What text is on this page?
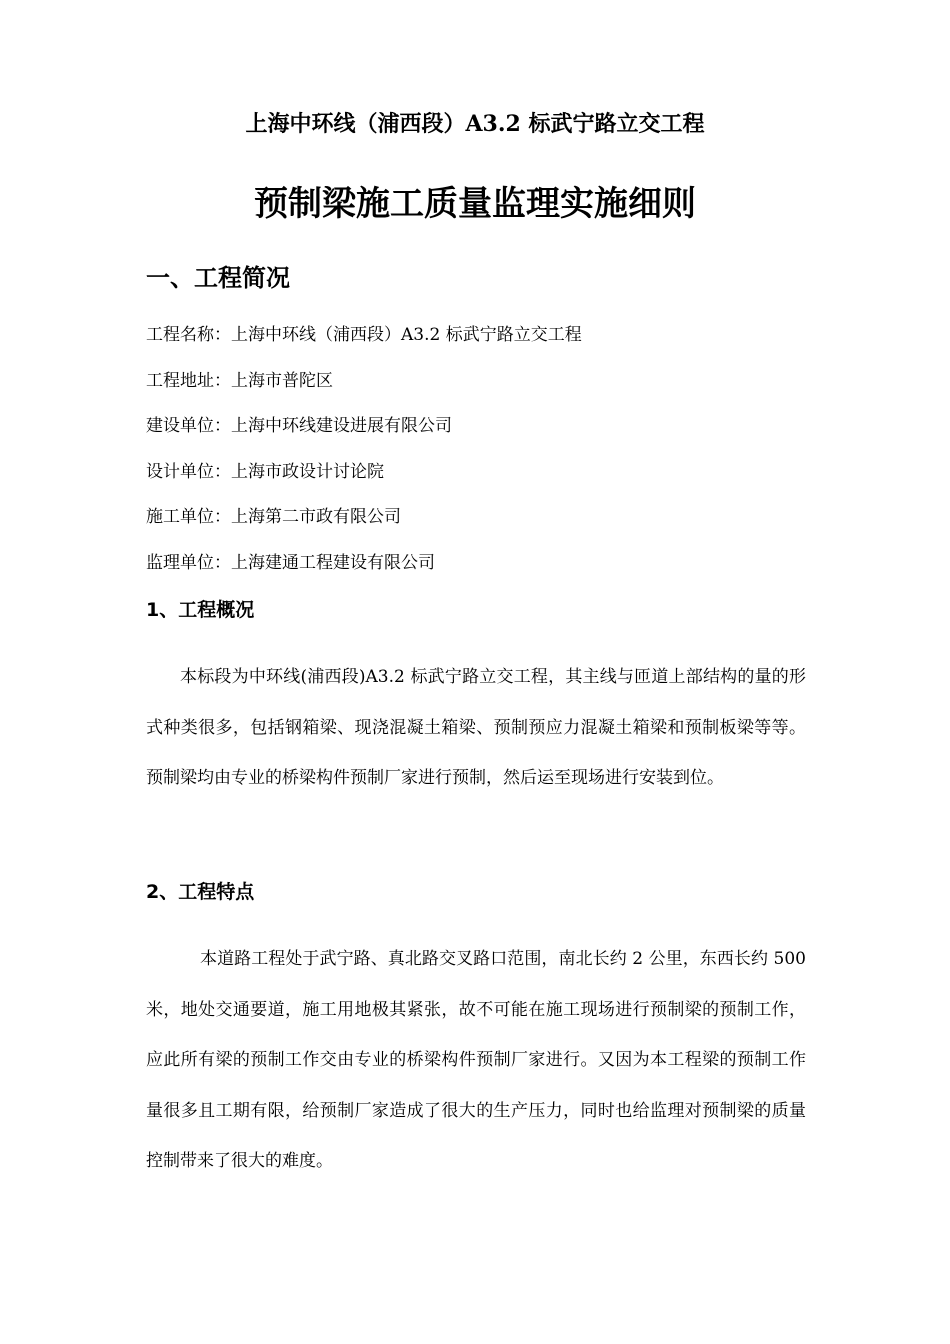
上海中环线（浦西段）A3.2 标武宁路立交工程
预制梁施工质量监理实施细则
一、工程简况
工程名称：上海中环线（浦西段）A3.2 标武宁路立交工程
工程地址：上海市普陀区
建设单位：上海中环线建设进展有限公司
设计单位：上海市政设计讨论院
施工单位：上海第二市政有限公司
监理单位：上海建通工程建设有限公司
1、工程概况

本标段为中环线(浦西段)A3.2 标武宁路立交工程，其主线与匝道上部结构的量的形式种类很多，包括钢箱梁、现浇混凝土箱梁、预制预应力混凝土箱梁和预制板梁等等。预制梁均由专业的桥梁构件预制厂家进行预制，然后运至现场进行安装到位。

2、工程特点

本道路工程处于武宁路、真北路交叉路口范围，南北长约 2 公里，东西长约 500 米，地处交通要道，施工用地极其紧张，故不可能在施工现场进行预制梁的预制工作，应此所有梁的预制工作交由专业的桥梁构件预制厂家进行。又因为本工程梁的预制工作量很多且工期有限，给预制厂家造成了很大的生产压力，同时也给监理对预制梁的质量控制带来了很大的难度。
